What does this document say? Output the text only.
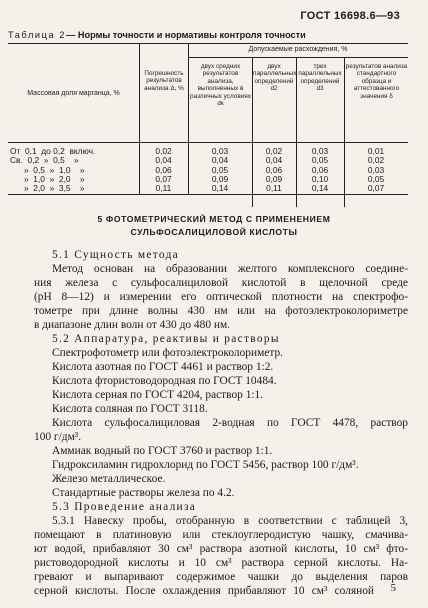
ГОСТ 16698.6—93
Таблица 2— Нормы точности и нормативы контроля точности
Массовая доля марганца, %
Погрешность результатов анализа Δ, %
Допускаемые расхождения, %
двух средних результатов анализа, выполненных в различных условиях dк
двух параллельных определений d2
трех параллельных определений d3
результатов анализа стандартного образца и аттестованного значения δ
От  0,1  до 0,2  включ.
Св.  0,2  »  0,5    »
»  0,5  »  1,0    »
»  1,0  »  2,0    »
»  2,0  »  3,5    »
0,02
0,04
0,06
0,07
0,11
0,03
0,04
0,05
0,09
0,14
0,02
0,04
0,06
0,09
0,11
0,03
0,05
0,06
0,10
0,14
0,01
0,02
0,03
0,05
0,07
5 ФОТОМЕТРИЧЕСКИЙ МЕТОД С ПРИМЕНЕНИЕМ
СУЛЬФОСАЛИЦИЛОВОЙ КИСЛОТЫ
5.1 Сущность метода
Метод основан на образовании желтого комплексного соедине-
ния железа с сульфосалициловой кислотой в щелочной среде
(рН 8—12) и измерении его оптической плотности на спектрофо-
тометре при длине волны 430 нм или на фотоэлектроколориметре
в диапазоне длин волн от 430 до 480 нм.
5.2 Аппаратура, реактивы и растворы
Спектрофотометр или фотоэлектроколориметр.
Кислота азотная по ГОСТ 4461 и раствор 1:2.
Кислота фтористоводородная по ГОСТ 10484.
Кислота серная по ГОСТ 4204, раствор 1:1.
Кислота соляная по ГОСТ 3118.
Кислота сульфосалициловая 2-водная по ГОСТ 4478, раствор
100 г/дм³.
Аммиак водный по ГОСТ 3760 и раствор 1:1.
Гидроксиламин гидрохлорид по ГОСТ 5456, раствор 100 г/дм³.
Железо металлическое.
Стандартные растворы железа по 4.2.
5.3 Проведение анализа
5.3.1 Навеску пробы, отобранную в соответствии с таблицей 3,
помещают в платиновую или стеклоуглеродистую чашку, смачива-
ют водой, прибавляют 30 см³ раствора азотной кислоты, 10 см³ фто-
ристоводородной кислоты и 10 см³ раствора серной кислоты. На-
гревают и выпаривают содержимое чашки до выделения паров
серной кислоты. После охлаждения прибавляют 10 см³ соляной 5
